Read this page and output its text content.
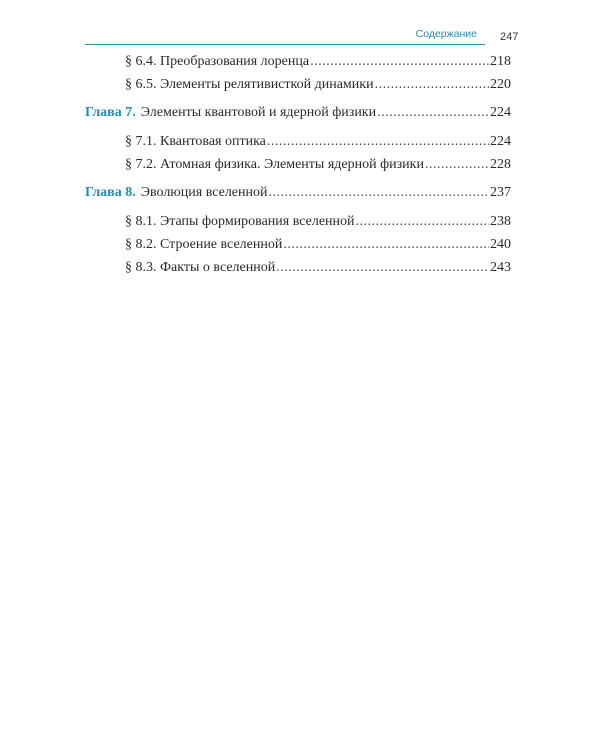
Содержание 247
§ 6.4. Преобразования лоренца .....	218
§ 6.5. Элементы релятивисткой динамики .....	220
Глава 7. Элементы квантовой и ядерной физики .....	224
§ 7.1. Квантовая оптика .....	224
§ 7.2. Атомная физика. Элементы ядерной физики .....	228
Глава 8. Эволюция вселенной .....	237
§ 8.1. Этапы формирования вселенной .....	238
§ 8.2. Строение вселенной .....	240
§ 8.3. Факты о вселенной .....	243
